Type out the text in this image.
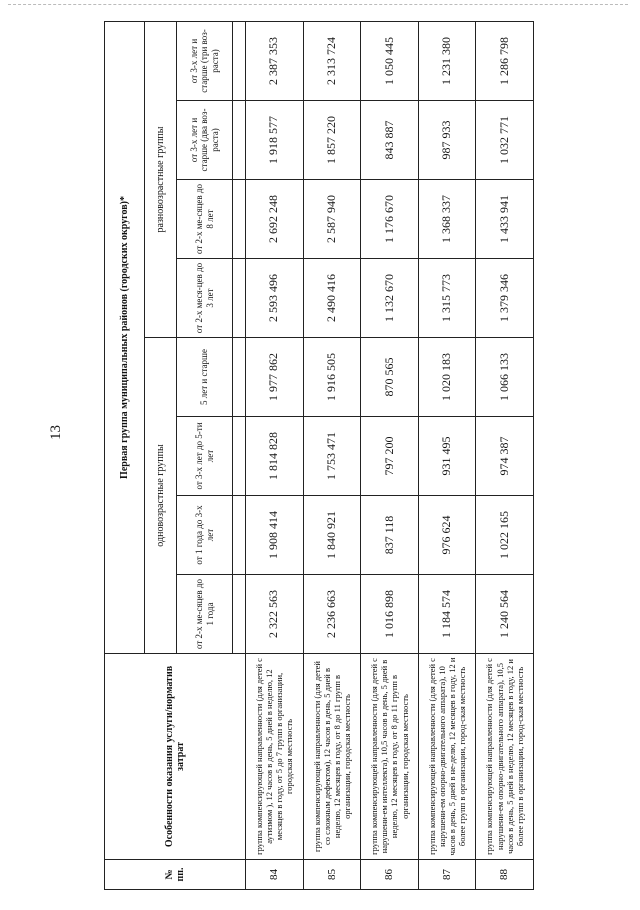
13
№
пп.	Особенности оказания услуги/норматив затрат	Первая группа муниципальных районов (городских округов)*							
		одновозрастные группы				разновозрастные группы			
		от 2-х ме-сяцев до 1 года	от 1 года до 3-х лет	от 3-х лет до 5-ти лет	5 лет и старше	от 2-х меся-цев до 3 лет	от 2-х ме-сяцев до 8 лет	от 3-х лет и старше (два воз-раста)	от 3-х лет и старше (три воз-раста)

84	группа компенсирующей направленности (для детей с аутизмом ), 12 часов в день, 5 дней в неделю, 12 месяцев в году, от 5 до 7 групп в организации, городская местность	2 322 563	1 908 414	1 814 828	1 977 862	2 593 496	2 692 248	1 918 577	2 387 353
85	группа компенсирующей направленности (для детей со сложным дефектом), 12 часов в день, 5 дней в неделю, 12 месяцев в году, от 8 до 11 групп в организации, городская местность	2 236 663	1 840 921	1 753 471	1 916 505	2 490 416	2 587 940	1 857 220	2 313 724
86	группа компенсирующей направленности (для детей с нарушени-ем интеллекта), 10,5 часов в день, 5 дней в неделю, 12 месяцев в году, от 8 до 11 групп в организации, городская местность	1 016 898	837 118	797 200	870 565	1 132 670	1 176 670	843 887	1 050 445
87	группа компенсирующей направленности (для детей с нарушени-ем опорно-двигательного аппарата), 10 часов в день, 5 дней в не-делю, 12 месяцев в году, 12 и более групп в организации, город-ская местность	1 184 574	976 624	931 495	1 020 183	1 315 773	1 368 337	987 933	1 231 380
88	группа компенсирующей направленности (для детей с нарушени-ем опорно-двигательного аппарата), 10,5 часов в день, 5 дней в неделю, 12 месяцев в году, 12 и более групп в организации, город-ская местность	1 240 564	1 022 165	974 387	1 066 133	1 379 346	1 433 941	1 032 771	1 286 798
